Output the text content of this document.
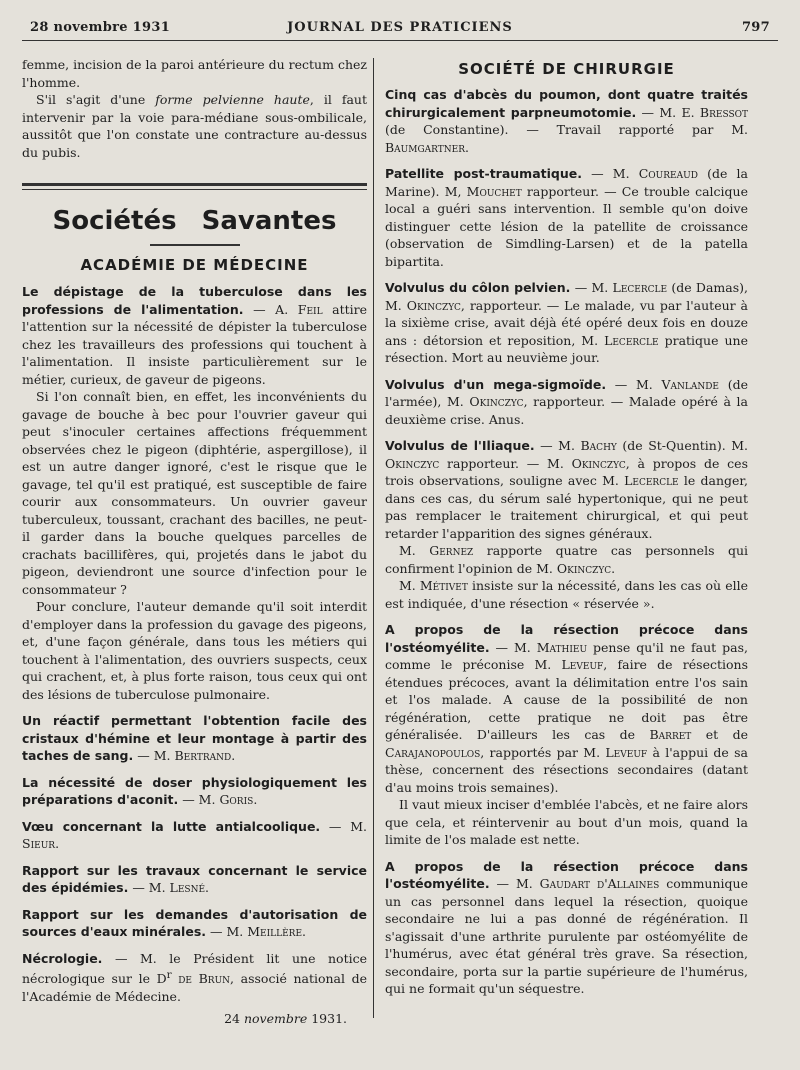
28 novembre 1931	JOURNAL DES PRATICIENS	797

femme, incision de la paroi antérieure du rectum chez l'homme.

S'il s'agit d'une forme pelvienne haute, il faut intervenir par la voie para-médiane sous-ombilicale, aussitôt que l'on constate une contracture au-dessus du pubis.

Sociétés Savantes
ACADÉMIE DE MÉDECINE

Le dépistage de la tuberculose dans les professions de l'alimentation. — A. Feil attire l'attention sur la nécessité de dépister la tuberculose chez les travailleurs des professions qui touchent à l'alimentation. Il insiste particulièrement sur le métier, curieux, de gaveur de pigeons.

Si l'on connaît bien, en effet, les inconvénients du gavage de bouche à bec pour l'ouvrier gaveur qui peut s'inoculer certaines affections fréquemment observées chez le pigeon (diphtérie, aspergillose), il est un autre danger ignoré, c'est le risque que le gavage, tel qu'il est pratiqué, est susceptible de faire courir aux consommateurs. Un ouvrier gaveur tuberculeux, toussant, crachant des bacilles, ne peut-il garder dans la bouche quelques parcelles de crachats bacillifères, qui, projetés dans le jabot du pigeon, deviendront une source d'infection pour le consommateur ?

Pour conclure, l'auteur demande qu'il soit interdit d'employer dans la profession du gavage des pigeons, et, d'une façon générale, dans tous les métiers qui touchent à l'alimentation, des ouvriers suspects, ceux qui crachent, et, à plus forte raison, tous ceux qui ont des lésions de tuberculose pulmonaire.

Un réactif permettant l'obtention facile des cristaux d'hémine et leur montage à partir des taches de sang. — M. Bertrand.

La nécessité de doser physiologiquement les préparations d'aconit. — M. Goris.

Vœu concernant la lutte antialcoolique. — M. Sieur.

Rapport sur les travaux concernant le service des épidémies. — M. Lesné.

Rapport sur les demandes d'autorisation de sources d'eaux minérales. — M. Meillère.

Nécrologie. — M. le Président lit une notice nécrologique sur le $D^r$ de Brun, associé national de l'Académie de Médecine.

24 novembre 1931.
SOCIÉTÉ DE CHIRURGIE

Cinq cas d'abcès du poumon, dont quatre traités chirurgicalement parpneumotomie. — M. E. Bressot (de Constantine). — Travail rapporté par M. Baumgartner.

Patellite post-traumatique. — M. Coureaud (de la Marine). M, Mouchet rapporteur. — Ce trouble calcique local a guéri sans intervention. Il semble qu'on doive distinguer cette lésion de la patellite de croissance (observation de Simdling-Larsen) et de la patella bipartita.

Volvulus du côlon pelvien. — M. Lecercle (de Damas), M. Okinczyc, rapporteur. — Le malade, vu par l'auteur à la sixième crise, avait déjà été opéré deux fois en douze ans : détorsion et reposition, M. Lecercle pratique une résection. Mort au neuvième jour.

Volvulus d'un mega-sigmoïde. — M. Vanlande (de l'armée), M. Okinczyc, rapporteur. — Malade opéré à la deuxième crise. Anus.

Volvulus de l'Iliaque. — M. Bachy (de St-Quentin). M. Okinczyc rapporteur. — M. Okinczyc, à propos de ces trois observations, souligne avec M. Lecercle le danger, dans ces cas, du sérum salé hypertonique, qui ne peut pas remplacer le traitement chirurgical, et qui peut retarder l'apparition des signes généraux.

M. Gernez rapporte quatre cas personnels qui confirment l'opinion de M. Okinczyc.

M. Métivet insiste sur la nécessité, dans les cas où elle est indiquée, d'une résection « réservée ».

A propos de la résection précoce dans l'ostéomyélite. — M. Mathieu pense qu'il ne faut pas, comme le préconise M. Leveuf, faire de résections étendues précoces, avant la délimitation entre l'os sain et l'os malade. A cause de la possibilité de non régénération, cette pratique ne doit pas être généralisée. D'ailleurs les cas de Barret et de Carajanopoulos, rapportés par M. Leveuf à l'appui de sa thèse, concernent des résections secondaires (datant d'au moins trois semaines).

Il vaut mieux inciser d'emblée l'abcès, et ne faire alors que cela, et réintervenir au bout d'un mois, quand la limite de l'os malade est nette.

A propos de la résection précoce dans l'ostéomyélite. — M. Gaudart d'Allaines communique un cas personnel dans lequel la résection, quoique secondaire ne lui a pas donné de régénération. Il s'agissait d'une arthrite purulente par ostéomyélite de l'humérus, avec état général très grave. Sa résection, secondaire, porta sur la partie supérieure de l'humérus, qui ne formait qu'un séquestre.
